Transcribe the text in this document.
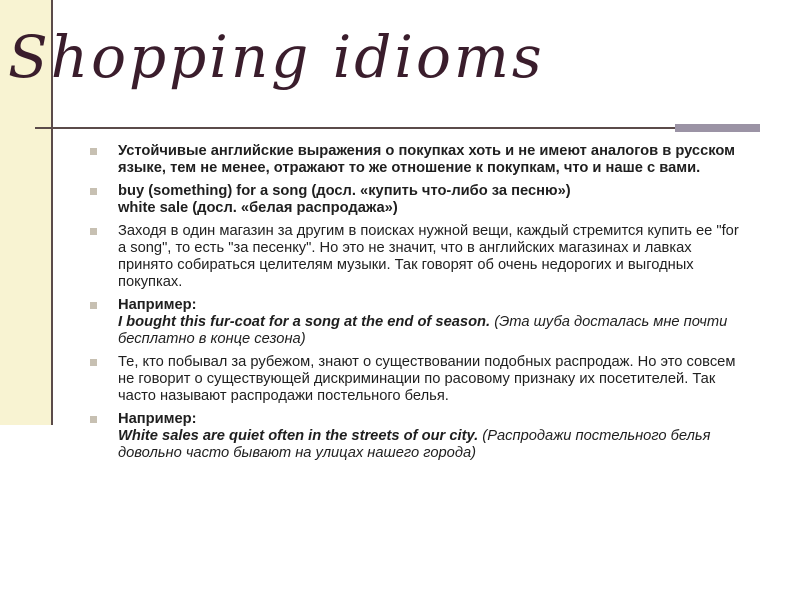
Shopping idioms

Устойчивые английские выражения о покупках хоть и не имеют аналогов в русском языке, тем не менее, отражают то же отношение к покупкам, что и наше с вами.

buy (something) for a song (досл. «купить что-либо за песню»)

white sale (досл. «белая распродажа»)

Заходя в один магазин за другим в поисках нужной вещи, каждый стремится купить ее "for a song", то есть "за песенку". Но это не значит, что в английских магазинах и лавках принято собираться целителям музыки. Так говорят об очень недорогих и выгодных покупках.

Например:

I bought this fur-coat for a song at the end of season. (Эта шуба досталась мне почти бесплатно в конце сезона)

Те, кто побывал за рубежом, знают о существовании подобных распродаж. Но это совсем не говорит о существующей дискриминации по расовому признаку их посетителей. Так часто называют распродажи постельного белья.

Например:

White sales are quiet often in the streets of our city. (Распродажи постельного белья довольно часто бывают на улицах нашего города)
